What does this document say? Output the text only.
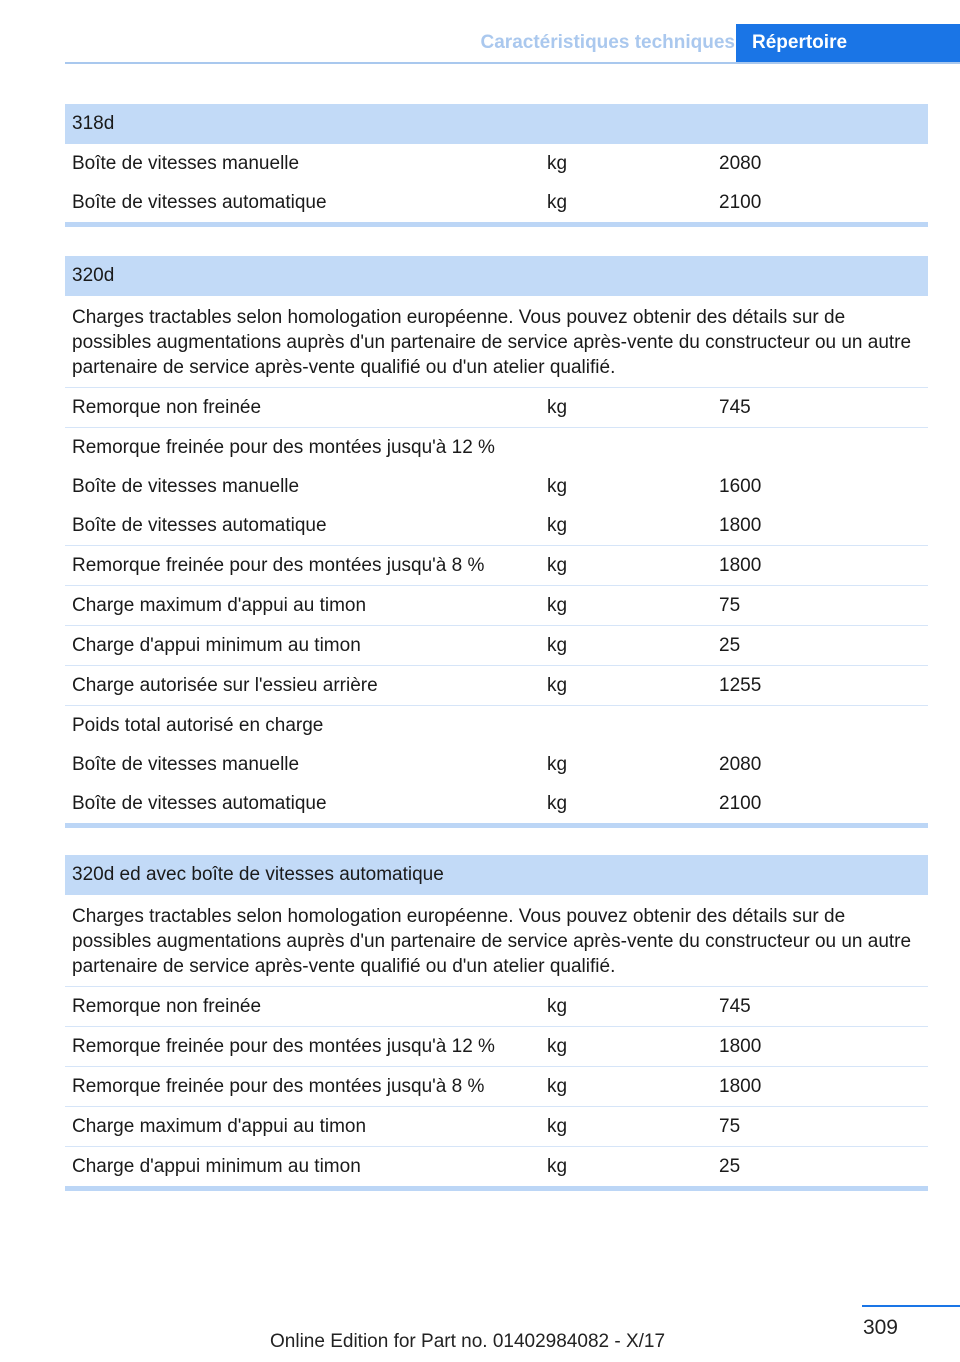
Caractéristiques techniques Répertoire
318d
Boîte de vitesses manuelle	kg	2080
Boîte de vitesses automatique	kg	2100
320d
Charges tractables selon homologation européenne. Vous pouvez obtenir des détails sur de possibles augmentations auprès d'un partenaire de service après-vente du constructeur ou un autre partenaire de service après-vente qualifié ou d'un atelier qualifié.
Remorque non freinée	kg	745
Remorque freinée pour des montées jusqu'à 12 %
Boîte de vitesses manuelle	kg	1600
Boîte de vitesses automatique	kg	1800
Remorque freinée pour des montées jusqu'à 8 %	kg	1800
Charge maximum d'appui au timon	kg	75
Charge d'appui minimum au timon	kg	25
Charge autorisée sur l'essieu arrière	kg	1255
Poids total autorisé en charge
Boîte de vitesses manuelle	kg	2080
Boîte de vitesses automatique	kg	2100
320d ed avec boîte de vitesses automatique
Charges tractables selon homologation européenne. Vous pouvez obtenir des détails sur de possibles augmentations auprès d'un partenaire de service après-vente du constructeur ou un autre partenaire de service après-vente qualifié ou d'un atelier qualifié.
Remorque non freinée	kg	745
Remorque freinée pour des montées jusqu'à 12 %	kg	1800
Remorque freinée pour des montées jusqu'à 8 %	kg	1800
Charge maximum d'appui au timon	kg	75
Charge d'appui minimum au timon	kg	25
309
Online Edition for Part no. 01402984082 - X/17
